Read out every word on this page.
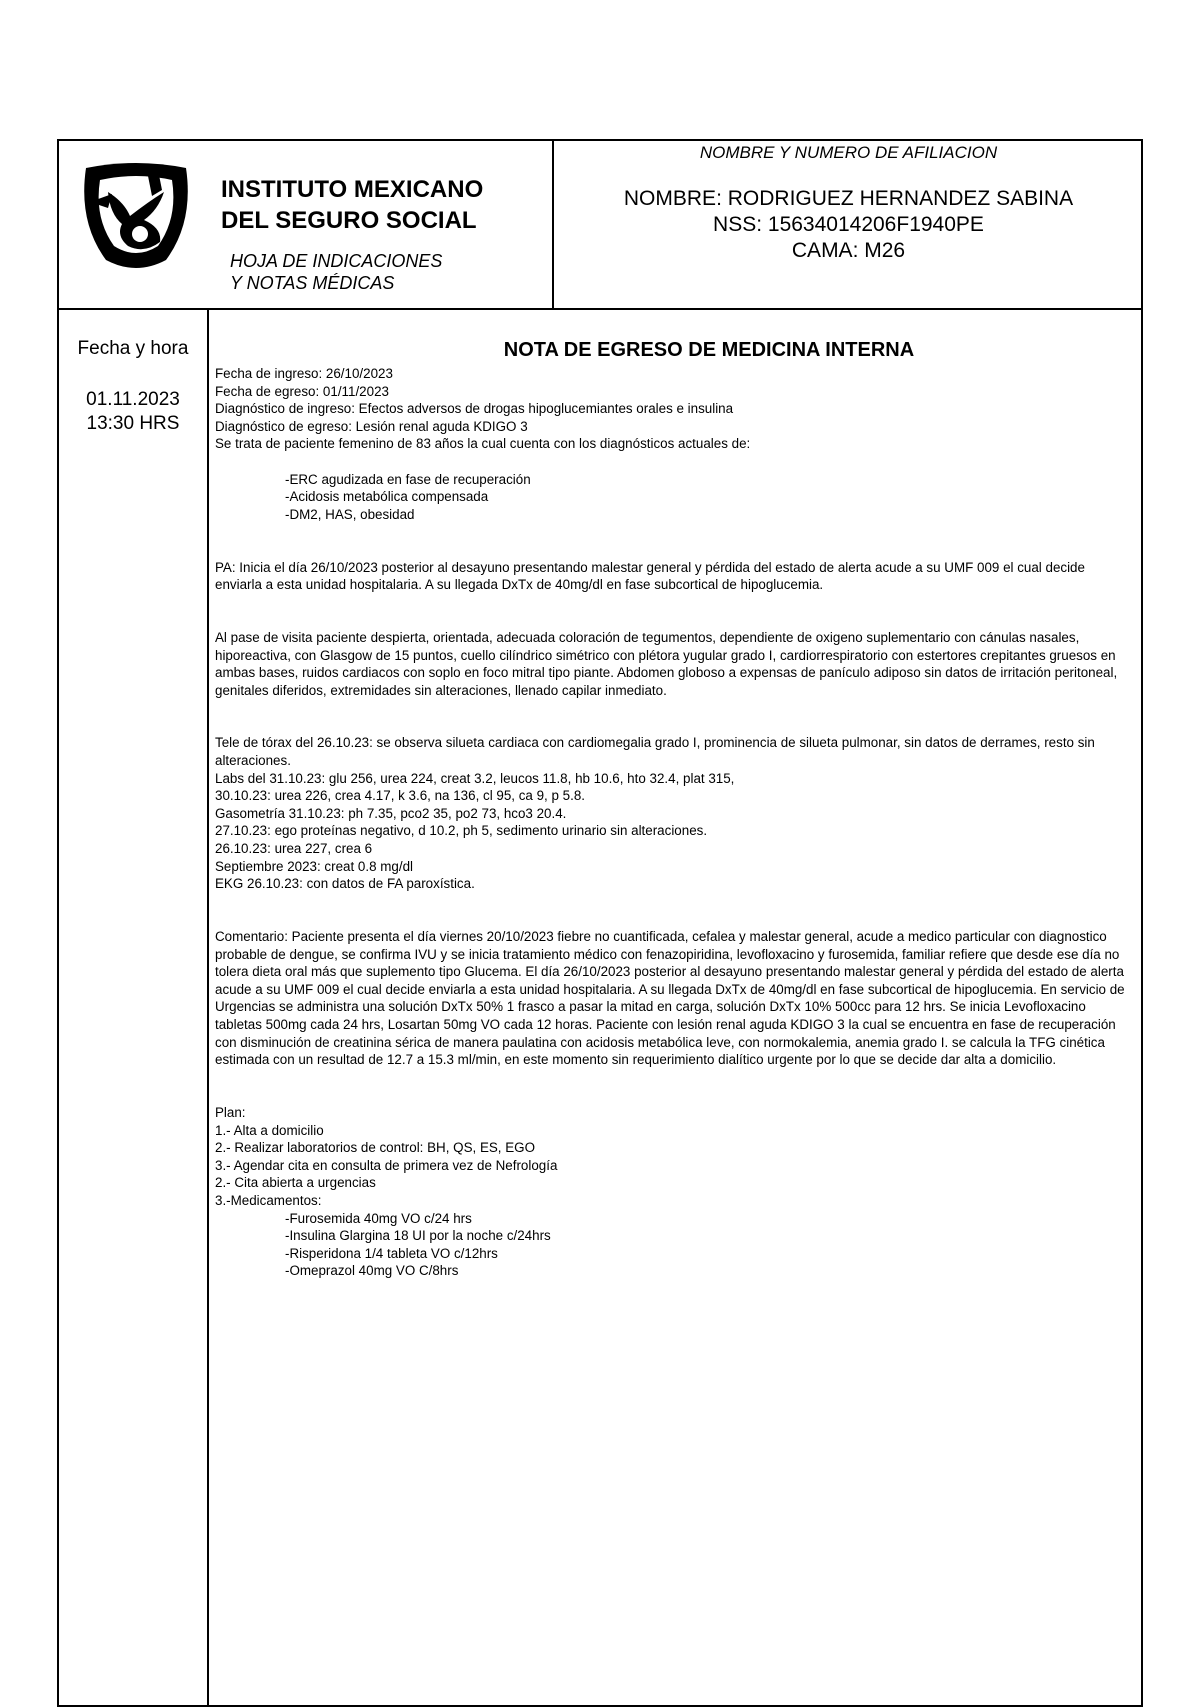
INSTITUTO MEXICANO
DEL SEGURO SOCIAL
HOJA DE INDICACIONES
Y NOTAS MÉDICAS
NOMBRE Y NUMERO DE AFILIACION
NOMBRE: RODRIGUEZ HERNANDEZ SABINA
NSS: 15634014206F1940PE
CAMA: M26
Fecha y hora
01.11.2023
13:30 HRS
NOTA DE EGRESO DE MEDICINA INTERNA

Fecha de ingreso: 26/10/2023

Fecha de egreso: 01/11/2023

Diagnóstico de ingreso: Efectos adversos de drogas hipoglucemiantes orales e insulina

Diagnóstico de egreso: Lesión renal aguda KDIGO 3

Se trata de paciente femenino de 83 años la cual cuenta con los diagnósticos actuales de:

-ERC agudizada en fase de recuperación

-Acidosis metabólica compensada

-DM2, HAS, obesidad

PA: Inicia el día 26/10/2023 posterior al desayuno presentando malestar general y pérdida del estado de alerta acude a su UMF 009 el cual decide enviarla a esta unidad hospitalaria. A su llegada DxTx de 40mg/dl en fase subcortical de hipoglucemia.

Al pase de visita paciente despierta, orientada, adecuada coloración de tegumentos, dependiente de oxigeno suplementario con cánulas nasales, hiporeactiva, con Glasgow de 15 puntos, cuello cilíndrico simétrico con plétora yugular grado I, cardiorrespiratorio con estertores crepitantes gruesos en ambas bases, ruidos cardiacos con soplo en foco mitral tipo piante. Abdomen globoso a expensas de panículo adiposo sin datos de irritación peritoneal, genitales diferidos, extremidades sin alteraciones, llenado capilar inmediato.

Tele de tórax del 26.10.23: se observa silueta cardiaca con cardiomegalia grado I, prominencia de silueta pulmonar, sin datos de derrames, resto sin alteraciones.

Labs del 31.10.23: glu 256, urea 224, creat 3.2, leucos 11.8, hb 10.6, hto 32.4, plat 315,

30.10.23: urea 226, crea 4.17, k 3.6, na 136, cl 95, ca 9, p 5.8.

Gasometría 31.10.23: ph 7.35, pco2 35, po2 73, hco3 20.4.

27.10.23: ego proteínas negativo, d 10.2, ph 5, sedimento urinario sin alteraciones.

26.10.23: urea 227, crea 6

Septiembre 2023: creat 0.8 mg/dl

EKG 26.10.23: con datos de FA paroxística.

Comentario: Paciente presenta el día viernes 20/10/2023 fiebre no cuantificada, cefalea y malestar general, acude a medico particular con diagnostico probable de dengue, se confirma IVU y se inicia tratamiento médico con fenazopiridina, levofloxacino y furosemida, familiar refiere que desde ese día no tolera dieta oral más que suplemento tipo Glucema. El día 26/10/2023 posterior al desayuno presentando malestar general y pérdida del estado de alerta acude a su UMF 009 el cual decide enviarla a esta unidad hospitalaria. A su llegada DxTx de 40mg/dl en fase subcortical de hipoglucemia. En servicio de Urgencias se administra una solución DxTx 50% 1 frasco a pasar la mitad en carga, solución DxTx 10% 500cc para 12 hrs. Se inicia Levofloxacino tabletas 500mg cada 24 hrs, Losartan 50mg VO cada 12 horas. Paciente con lesión renal aguda KDIGO 3 la cual se encuentra en fase de recuperación con disminución de creatinina sérica de manera paulatina con acidosis metabólica leve, con normokalemia, anemia grado I. se calcula la TFG cinética estimada con un resultad de 12.7 a 15.3 ml/min, en este momento sin requerimiento dialítico urgente por lo que se decide dar alta a domicilio.

Plan:

1.- Alta a domicilio

2.- Realizar laboratorios de control: BH, QS, ES, EGO

3.- Agendar cita en consulta de primera vez de Nefrología

2.- Cita abierta a urgencias

3.-Medicamentos:

-Furosemida 40mg VO c/24 hrs

-Insulina Glargina 18 UI por la noche c/24hrs

-Risperidona 1/4 tableta VO c/12hrs

-Omeprazol 40mg VO C/8hrs
